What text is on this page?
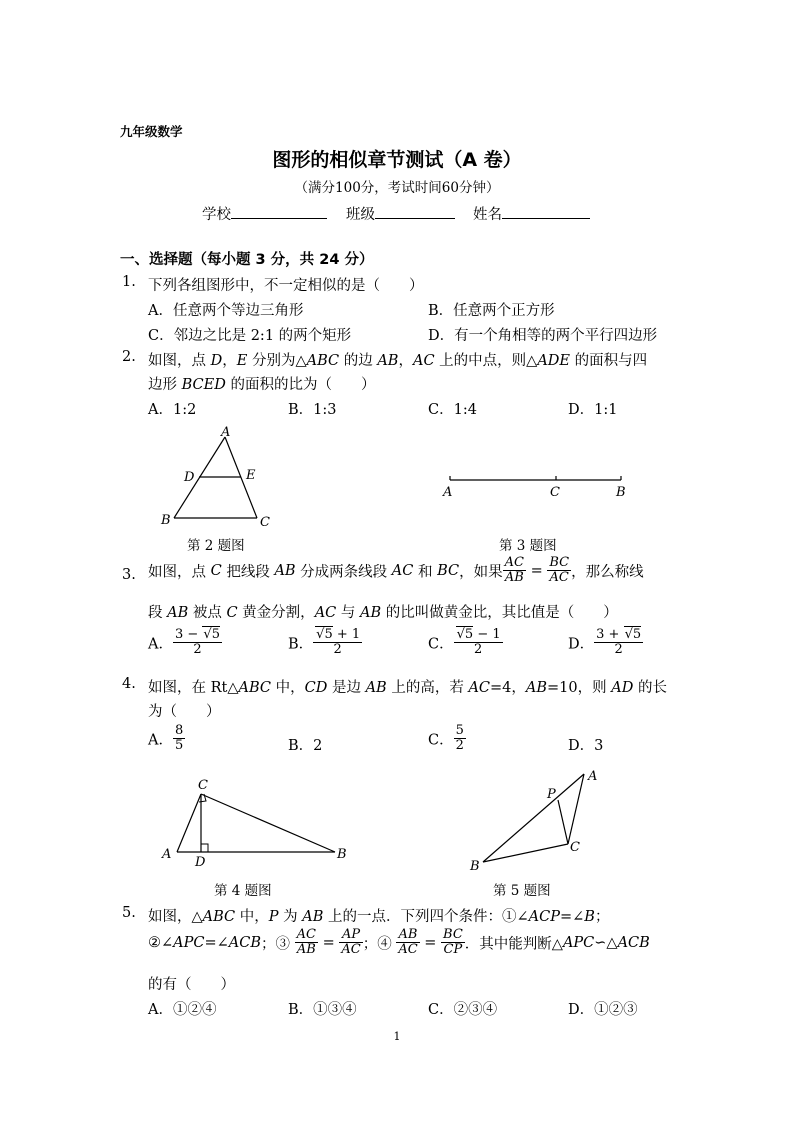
九年级数学
图形的相似章节测试（A 卷）
（满分100分，考试时间60分钟）
学校	班级	姓名
一、选择题（每小题 3 分，共 24 分）
1. 下列各组图形中，不一定相似的是（　　）
A．任意两个等边三角形	B．任意两个正方形
C．邻边之比是 2:1 的两个矩形	D．有一个角相等的两个平行四边形
2. 如图，点 D，E 分别为△ABC 的边 AB，AC 上的中点，则△ADE 的面积与四
边形 BCED 的面积的比为（　　）
A．1:2	B．1:3	C．1:4	D．1:1
A
D	E
B	C
第 2 题图
A	C	B
第 3 题图
3. 如图，点 C 把线段 AB 分成两条线段 AC 和 BC，如果 $\frac{AC}{AB} = \frac{BC}{AC}$ ，那么称线
段 AB 被点 C 黄金分割，AC 与 AB 的比叫做黄金比，其比值是（　　）
A． $\frac{3 - √5}{2}$	B． $\frac{√5 + 1}{2}$	C． $\frac{√5 - 1}{2}$	D． $\frac{3 + √5}{2}$
4. 如图，在 Rt△ABC 中，CD 是边 AB 上的高，若 AC=4，AB=10，则 AD 的长
为（　　）
A． $\frac{8}{5}$	B．2	C． $\frac{5}{2}$	D．3
C
A
D
B
第 4 题图
A
P
C
B
第 5 题图
5. 如图，△ABC 中，P 为 AB 上的一点．下列四个条件：①∠ACP=∠B；
②∠APC=∠ACB；③ $\frac{AC}{AB} = \frac{AP}{AC}$ ；④ $\frac{AB}{AC} = \frac{BC}{CP}$ ．其中能判断△APC∽△ACB
的有（　　）
A．①②④	B．①③④	C．②③④	D．①②③
1
